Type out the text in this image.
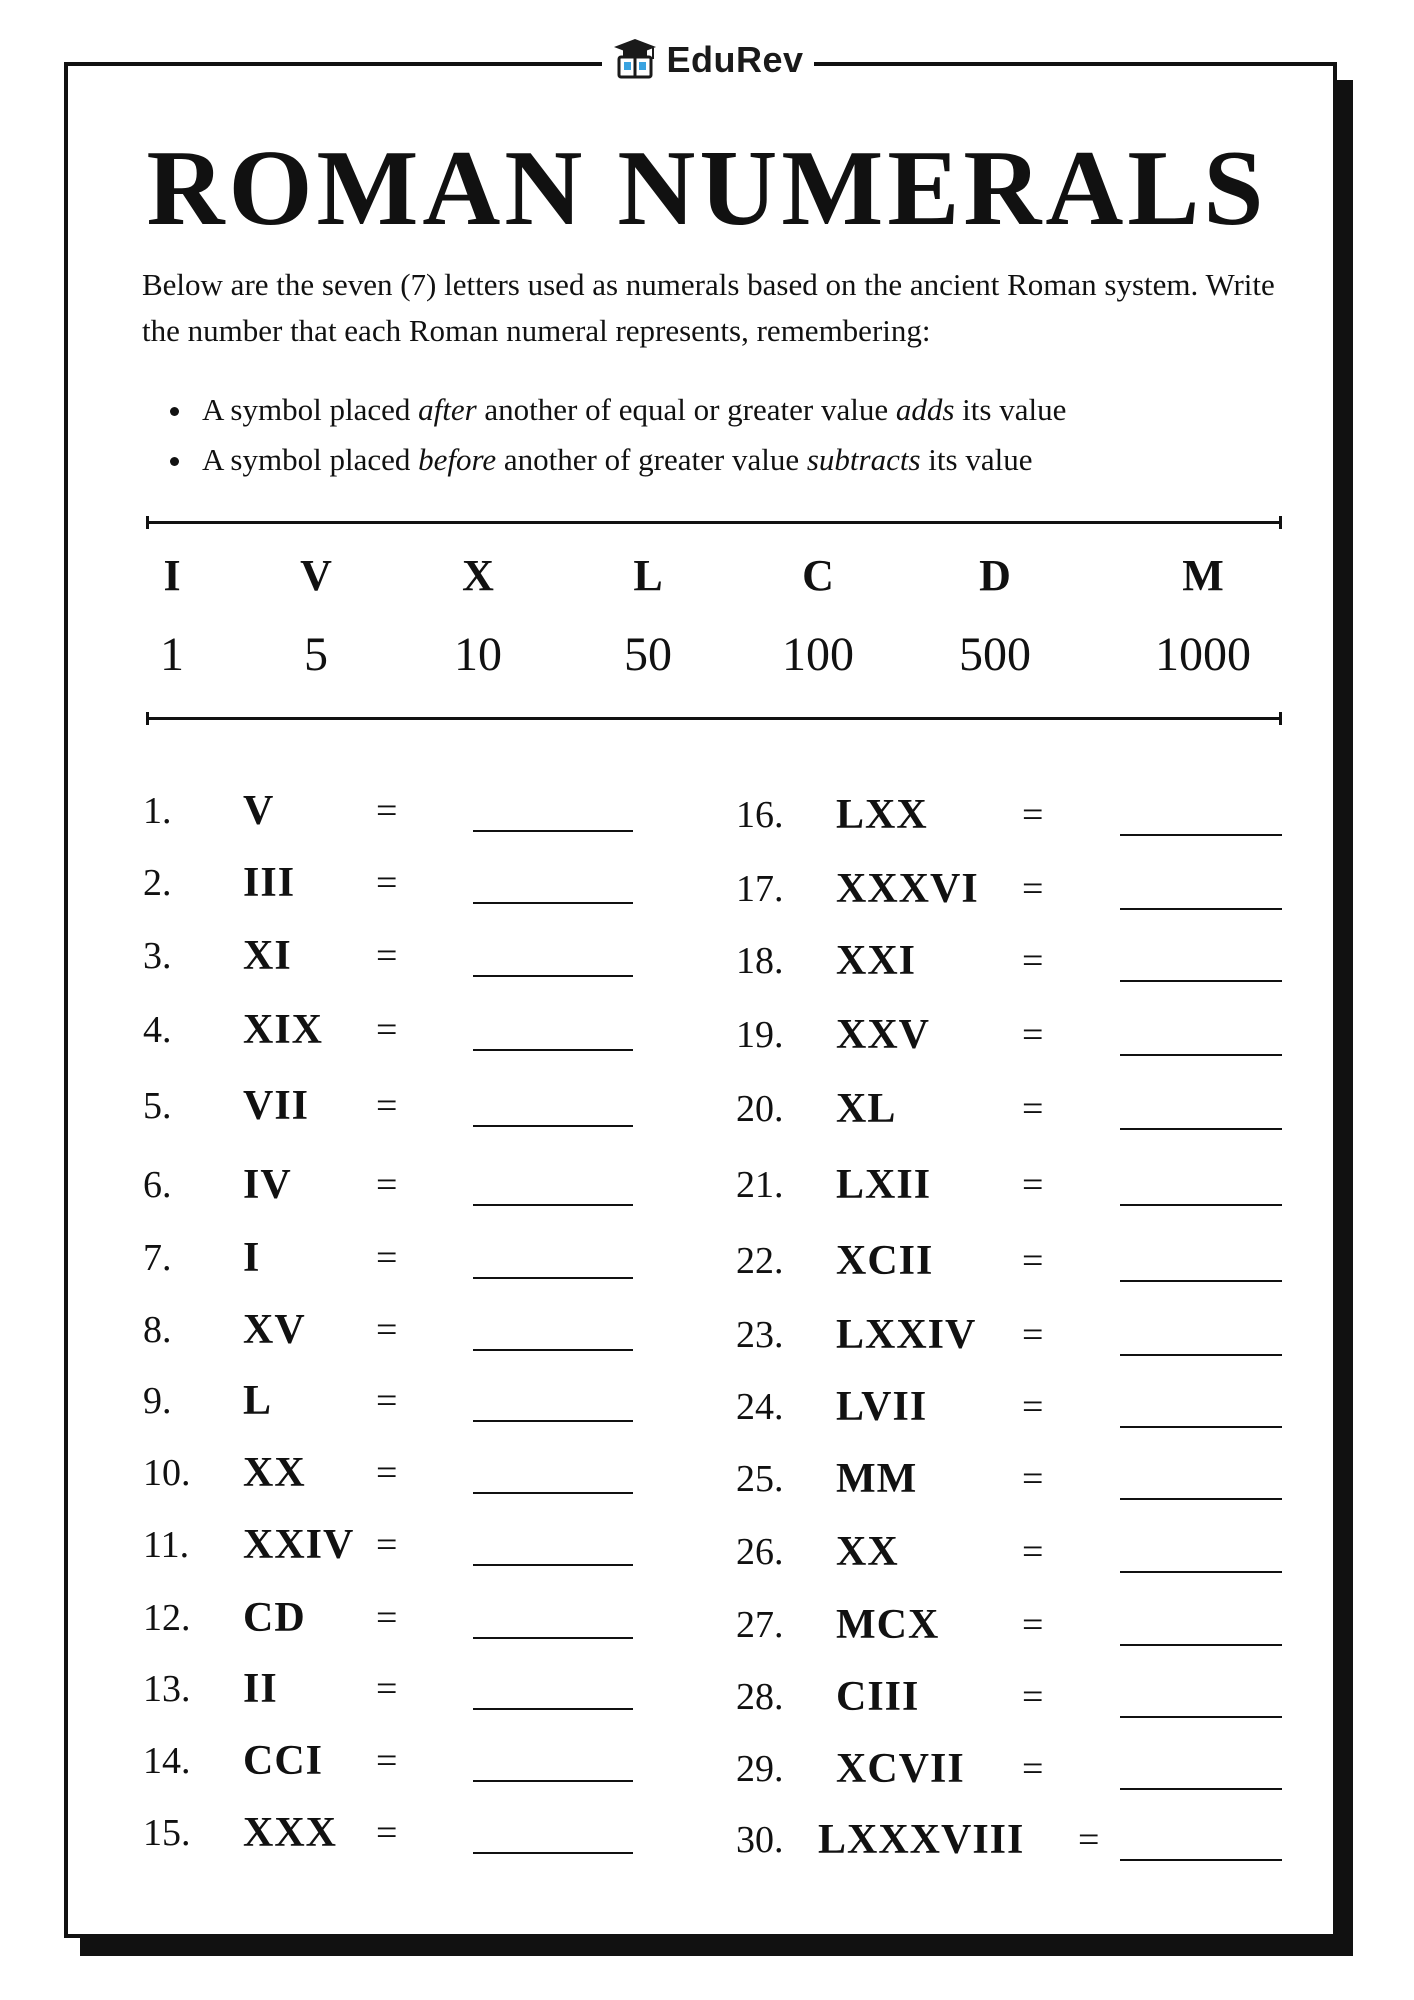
EduRev
ROMAN NUMERALS

Below are the seven (7) letters used as numerals based on the ancient Roman system. Write the number that each Roman numeral represents, remembering:

A symbol placed after another of equal or greater value adds its value
A symbol placed before another of greater value subtracts its value
I	V	X	L	C	D	M
1	5	10	50	100	500	1000
1. V	=
2. III =
3. XI =
4. XIX =
5. VII =
6. IV =
7. I	=
8. XV =
9. L	=
10. XX =
11. XXIV =
12. CD =
13. II	=
14. CCI =
15. XXX =
16. LXX =
17. XXXVI =
18. XXI	=
19. XXV =
20. XL	=
21. LXII =
22. XCII =
23. LXXIV =
24. LVII =
25. MM	=
26. XX	=
27. MCX =
28. CIII	=
29. XCVII =
30. LXXXVIII =
